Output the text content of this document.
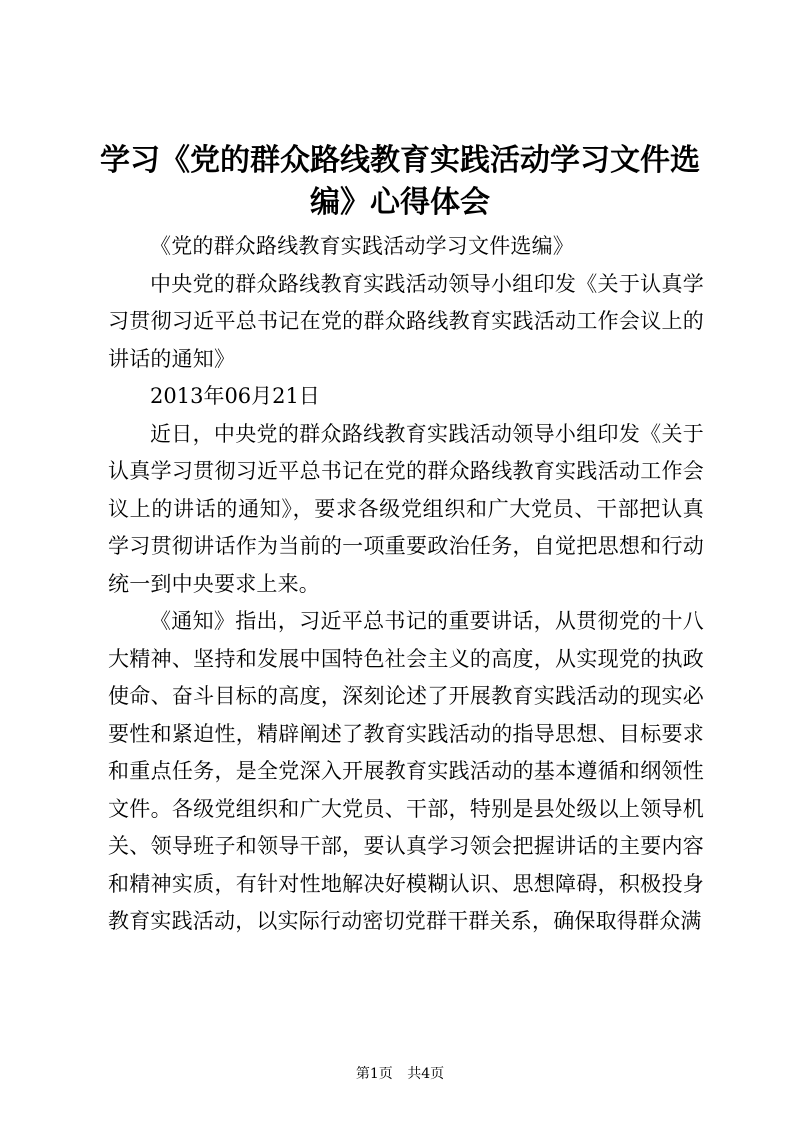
学习《党的群众路线教育实践活动学习文件选编》心得体会

《党的群众路线教育实践活动学习文件选编》

中央党的群众路线教育实践活动领导小组印发《关于认真学习贯彻习近平总书记在党的群众路线教育实践活动工作会议上的讲话的通知》

2013年06月21日

近日，中央党的群众路线教育实践活动领导小组印发《关于认真学习贯彻习近平总书记在党的群众路线教育实践活动工作会议上的讲话的通知》，要求各级党组织和广大党员、干部把认真学习贯彻讲话作为当前的一项重要政治任务，自觉把思想和行动统一到中央要求上来。

《通知》指出，习近平总书记的重要讲话，从贯彻党的十八大精神、坚持和发展中国特色社会主义的高度，从实现党的执政使命、奋斗目标的高度，深刻论述了开展教育实践活动的现实必要性和紧迫性，精辟阐述了教育实践活动的指导思想、目标要求和重点任务，是全党深入开展教育实践活动的基本遵循和纲领性文件。各级党组织和广大党员、干部，特别是县处级以上领导机关、领导班子和领导干部，要认真学习领会把握讲话的主要内容和精神实质，有针对性地解决好模糊认识、思想障碍，积极投身教育实践活动，以实际行动密切党群干群关系，确保取得群众满

第1页 共4页
